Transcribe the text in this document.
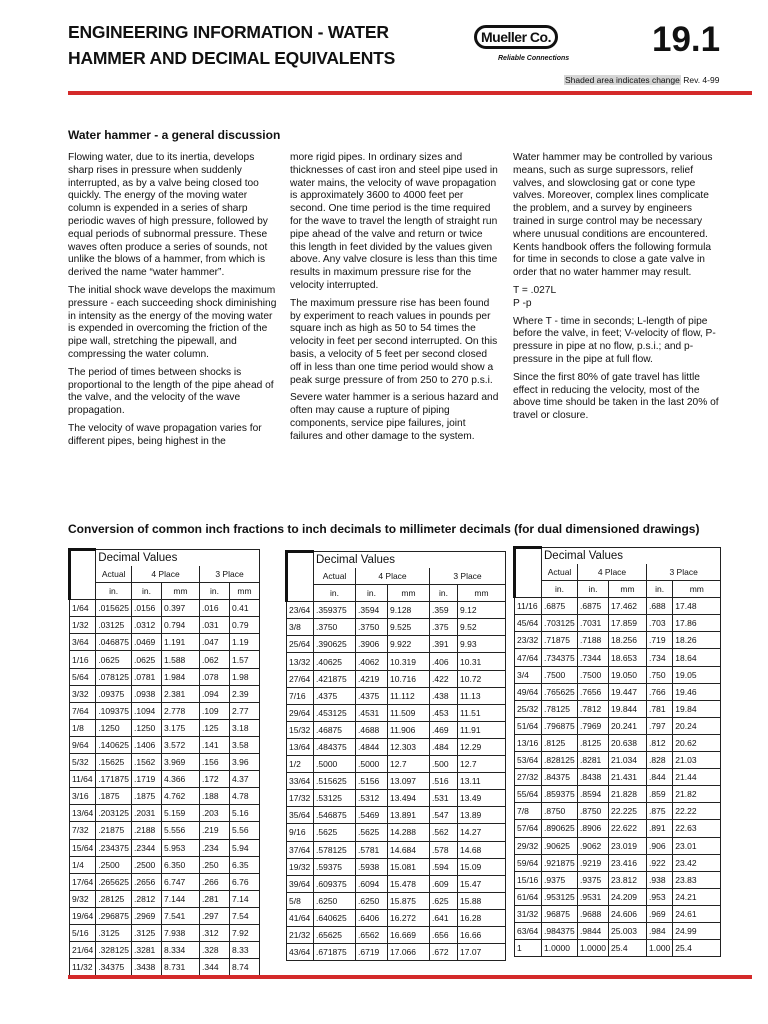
ENGINEERING INFORMATION - WATER
HAMMER AND DECIMAL EQUIVALENTS
Mueller Co.
Reliable Connections 19.1
Shaded area indicates change Rev. 4-99
Water hammer - a general discussion

Flowing water, due to its inertia, develops sharp rises in pressure when suddenly interrupted, as by a valve being closed too quickly. The energy of the moving water column is expended in a series of sharp periodic waves of high pressure, followed by equal periods of subnormal pressure. These waves often produce a series of sounds, not unlike the blows of a hammer, from which is derived the name “water hammer”.

The initial shock wave develops the maximum pressure - each succeeding shock diminishing in intensity as the energy of the moving water is expended in overcoming the friction of the pipe wall, stretching the pipewall, and compressing the water column.

The period of times between shocks is proportional to the length of the pipe ahead of the valve, and the velocity of the wave propagation.

The velocity of wave propagation varies for different pipes, being highest in the

more rigid pipes. In ordinary sizes and thicknesses of cast iron and steel pipe used in water mains, the velocity of wave propagation is approximately 3600 to 4000 feet per second. One time period is the time required for the wave to travel the length of straight run pipe ahead of the valve and return or twice this length in feet divided by the values given above. Any valve closure is less than this time results in maximum pressure rise for the velocity interrupted.

The maximum pressure rise has been found by experiment to reach values in pounds per square inch as high as 50 to 54 times the velocity in feet per second interrupted. On this basis, a velocity of 5 feet per second closed off in less than one time period would show a peak surge pressure of from 250 to 270 p.s.i.

Severe water hammer is a serious hazard and often may cause a rupture of piping components, service pipe failures, joint failures and other damage to the system.

Water hammer may be controlled by various means, such as surge supressors, relief valves, and slowclosing gat or cone type valves. Moreover, complex lines complicate the problem, and a survey by engineers trained in surge control may be necessary where unusual conditions are encountered. Kents handbook offers the following formula for time in seconds to close a gate valve in order that no water hammer may result.

T = .027L

P -p

Where T - time in seconds; L-length of pipe before the valve, in feet; V-velocity of flow, P-pressure in pipe at no flow, p.s.i.; and p-pressure in the pipe at full flow.

Since the first 80% of gate travel has little effect in reducing the velocity, most of the above time should be taken in the last 20% of travel or closure.

Conversion of common inch fractions to inch decimals to millimeter decimals (for dual dimensioned drawings)
	Decimal Values				
	Actual	4 Place		3 Place	
	in.	in.	mm	in.	mm
1/64	.015625	.0156	0.397	.016	0.41
1/32	.03125	.0312	0.794	.031	0.79
3/64	.046875	.0469	1.191	.047	1.19
1/16	.0625	.0625	1.588	.062	1.57
5/64	.078125	.0781	1.984	.078	1.98
3/32	.09375	.0938	2.381	.094	2.39
7/64	.109375	.1094	2.778	.109	2.77
1/8	.1250	.1250	3.175	.125	3.18
9/64	.140625	.1406	3.572	.141	3.58
5/32	.15625	.1562	3.969	.156	3.96
11/64	.171875	.1719	4.366	.172	4.37
3/16	.1875	.1875	4.762	.188	4.78
13/64	.203125	.2031	5.159	.203	5.16
7/32	.21875	.2188	5.556	.219	5.56
15/64	.234375	.2344	5.953	.234	5.94
1/4	.2500	.2500	6.350	.250	6.35
17/64	.265625	.2656	6.747	.266	6.76
9/32	.28125	.2812	7.144	.281	7.14
19/64	.296875	.2969	7.541	.297	7.54
5/16	.3125	.3125	7.938	.312	7.92
21/64	.328125	.3281	8.334	.328	8.33
11/32	.34375	.3438	8.731	.344	8.74
	Decimal Values				
	Actual	4 Place		3 Place	
	in.	in.	mm	in.	mm
23/64	.359375	.3594	9.128	.359	9.12
3/8	.3750	.3750	9.525	.375	9.52
25/64	.390625	.3906	9.922	.391	9.93
13/32	.40625	.4062	10.319	.406	10.31
27/64	.421875	.4219	10.716	.422	10.72
7/16	.4375	.4375	11.112	.438	11.13
29/64	.453125	.4531	11.509	.453	11.51
15/32	.46875	.4688	11.906	.469	11.91
13/64	.484375	.4844	12.303	.484	12.29
1/2	.5000	.5000	12.7	.500	12.7
33/64	.515625	.5156	13.097	.516	13.11
17/32	.53125	.5312	13.494	.531	13.49
35/64	.546875	.5469	13.891	.547	13.89
9/16	.5625	.5625	14.288	.562	14.27
37/64	.578125	.5781	14.684	.578	14.68
19/32	.59375	.5938	15.081	.594	15.09
39/64	.609375	.6094	15.478	.609	15.47
5/8	.6250	.6250	15.875	.625	15.88
41/64	.640625	.6406	16.272	.641	16.28
21/32	.65625	.6562	16.669	.656	16.66
43/64	.671875	.6719	17.066	.672	17.07
	Decimal Values				
	Actual	4 Place		3 Place	
	in.	in.	mm	in.	mm
11/16	.6875	.6875	17.462	.688	17.48
45/64	.703125	.7031	17.859	.703	17.86
23/32	.71875	.7188	18.256	.719	18.26
47/64	.734375	.7344	18.653	.734	18.64
3/4	.7500	.7500	19.050	.750	19.05
49/64	.765625	.7656	19.447	.766	19.46
25/32	.78125	.7812	19.844	.781	19.84
51/64	.796875	.7969	20.241	.797	20.24
13/16	.8125	.8125	20.638	.812	20.62
53/64	.828125	.8281	21.034	.828	21.03
27/32	.84375	.8438	21.431	.844	21.44
55/64	.859375	.8594	21.828	.859	21.82
7/8	.8750	.8750	22.225	.875	22.22
57/64	.890625	.8906	22.622	.891	22.63
29/32	.90625	.9062	23.019	.906	23.01
59/64	.921875	.9219	23.416	.922	23.42
15/16	.9375	.9375	23.812	.938	23.83
61/64	.953125	.9531	24.209	.953	24.21
31/32	.96875	.9688	24.606	.969	24.61
63/64	.984375	.9844	25.003	.984	24.99
1	1.0000	1.0000	25.4	1.000	25.4
